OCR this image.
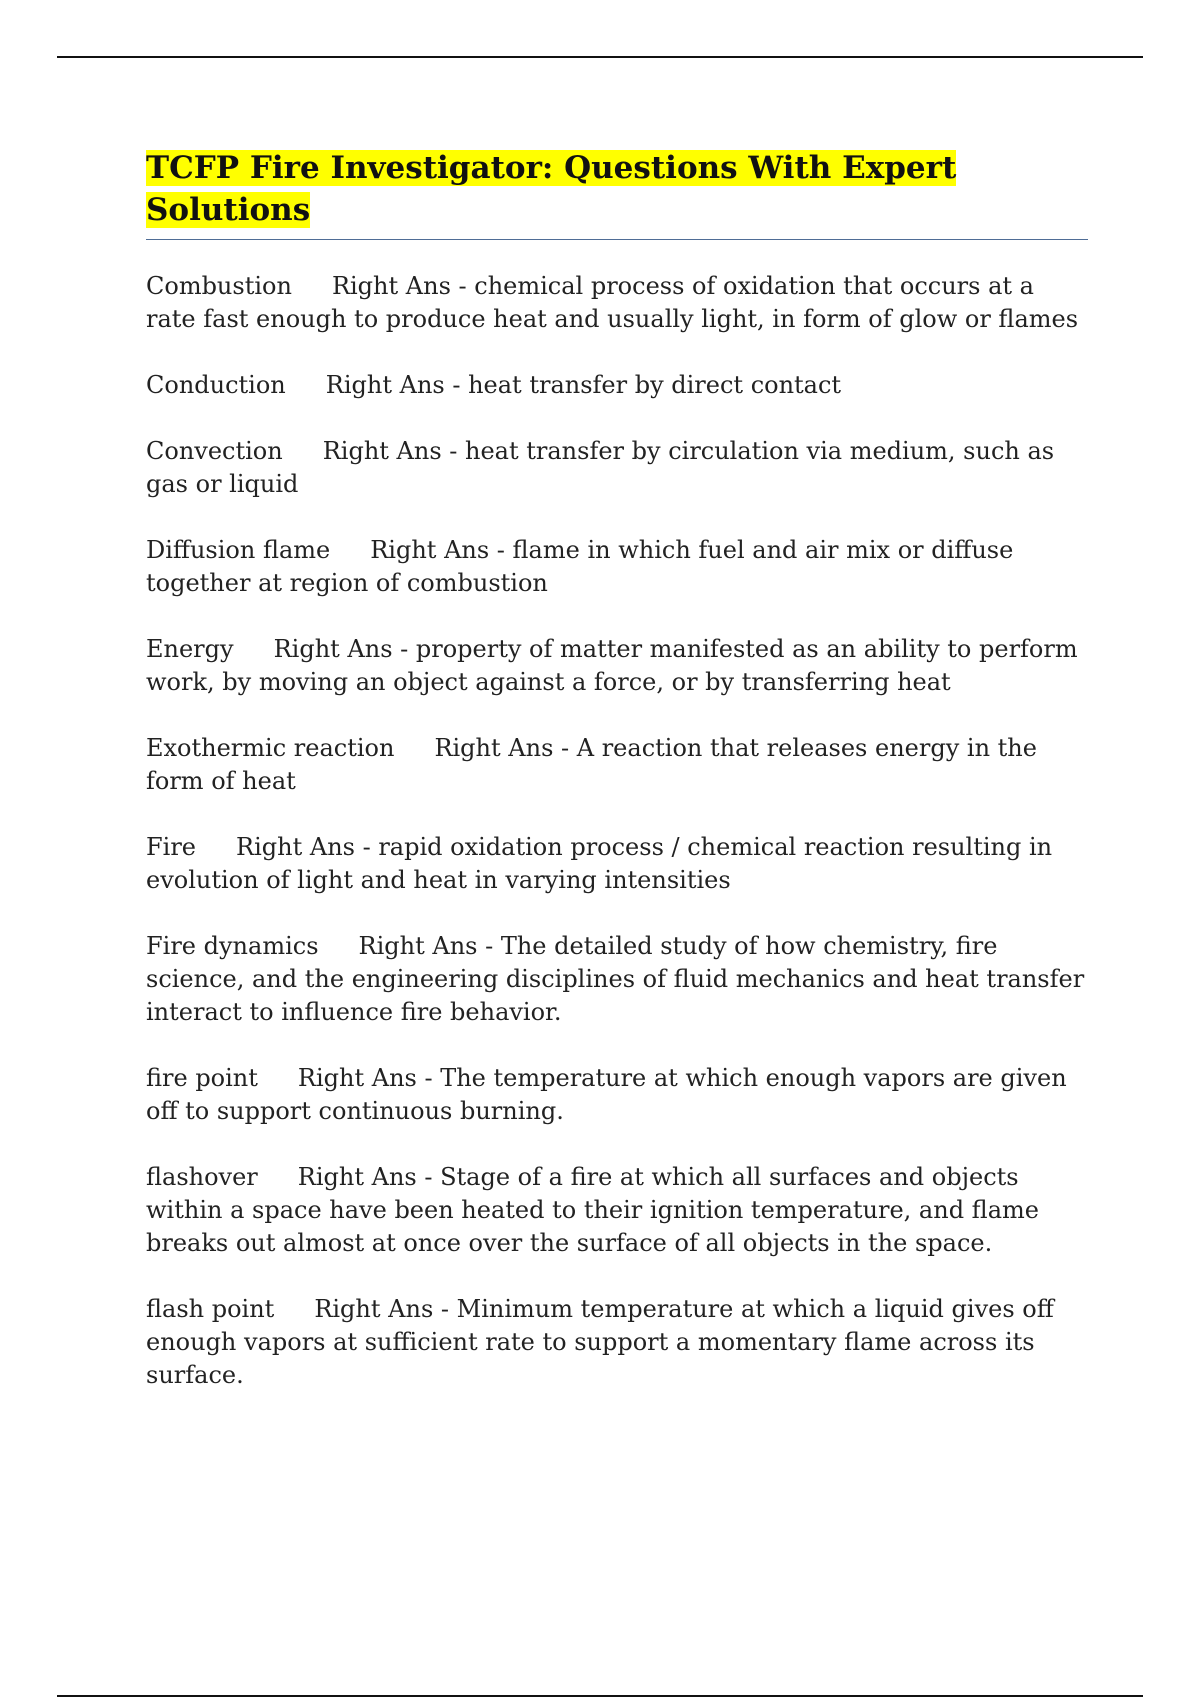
TCFP Fire Investigator: Questions With Expert Solutions
Combustion Right Ans - chemical process of oxidation that occurs at a rate fast enough to produce heat and usually light, in form of glow or flames
Conduction Right Ans - heat transfer by direct contact
Convection Right Ans - heat transfer by circulation via medium, such as gas or liquid
Diffusion flame Right Ans - flame in which fuel and air mix or diffuse together at region of combustion
Energy Right Ans - property of matter manifested as an ability to perform work, by moving an object against a force, or by transferring heat
Exothermic reaction Right Ans - A reaction that releases energy in the form of heat
Fire Right Ans - rapid oxidation process / chemical reaction resulting in evolution of light and heat in varying intensities
Fire dynamics Right Ans - The detailed study of how chemistry, fire science, and the engineering disciplines of fluid mechanics and heat transfer interact to influence fire behavior.
fire point Right Ans - The temperature at which enough vapors are given off to support continuous burning.
flashover Right Ans - Stage of a fire at which all surfaces and objects within a space have been heated to their ignition temperature, and flame breaks out almost at once over the surface of all objects in the space.
flash point Right Ans - Minimum temperature at which a liquid gives off enough vapors at sufficient rate to support a momentary flame across its surface.
